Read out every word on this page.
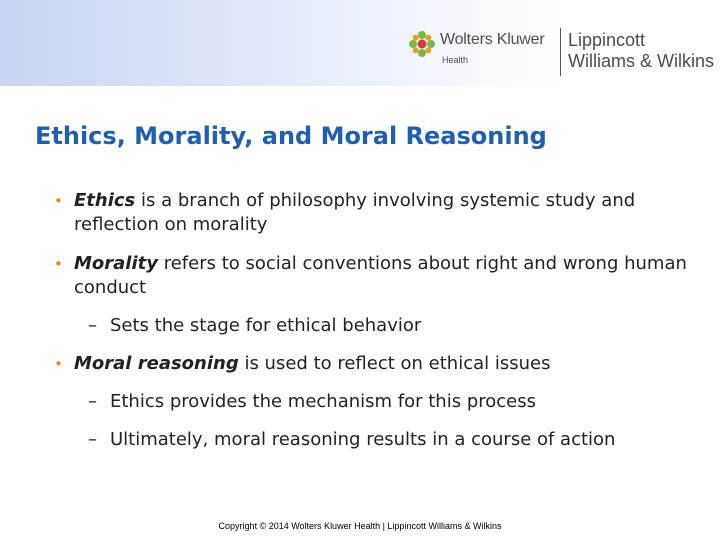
Wolters Kluwer
Health
Lippincott
Williams & Wilkins
Ethics, Morality, and Moral Reasoning
• Ethics is a branch of philosophy involving systemic study and reflection on morality
• Morality refers to social conventions about right and wrong human conduct
– Sets the stage for ethical behavior
• Moral reasoning is used to reflect on ethical issues
– Ethics provides the mechanism for this process
– Ultimately, moral reasoning results in a course of action
Copyright © 2014 Wolters Kluwer Health | Lippincott Williams & Wilkins
